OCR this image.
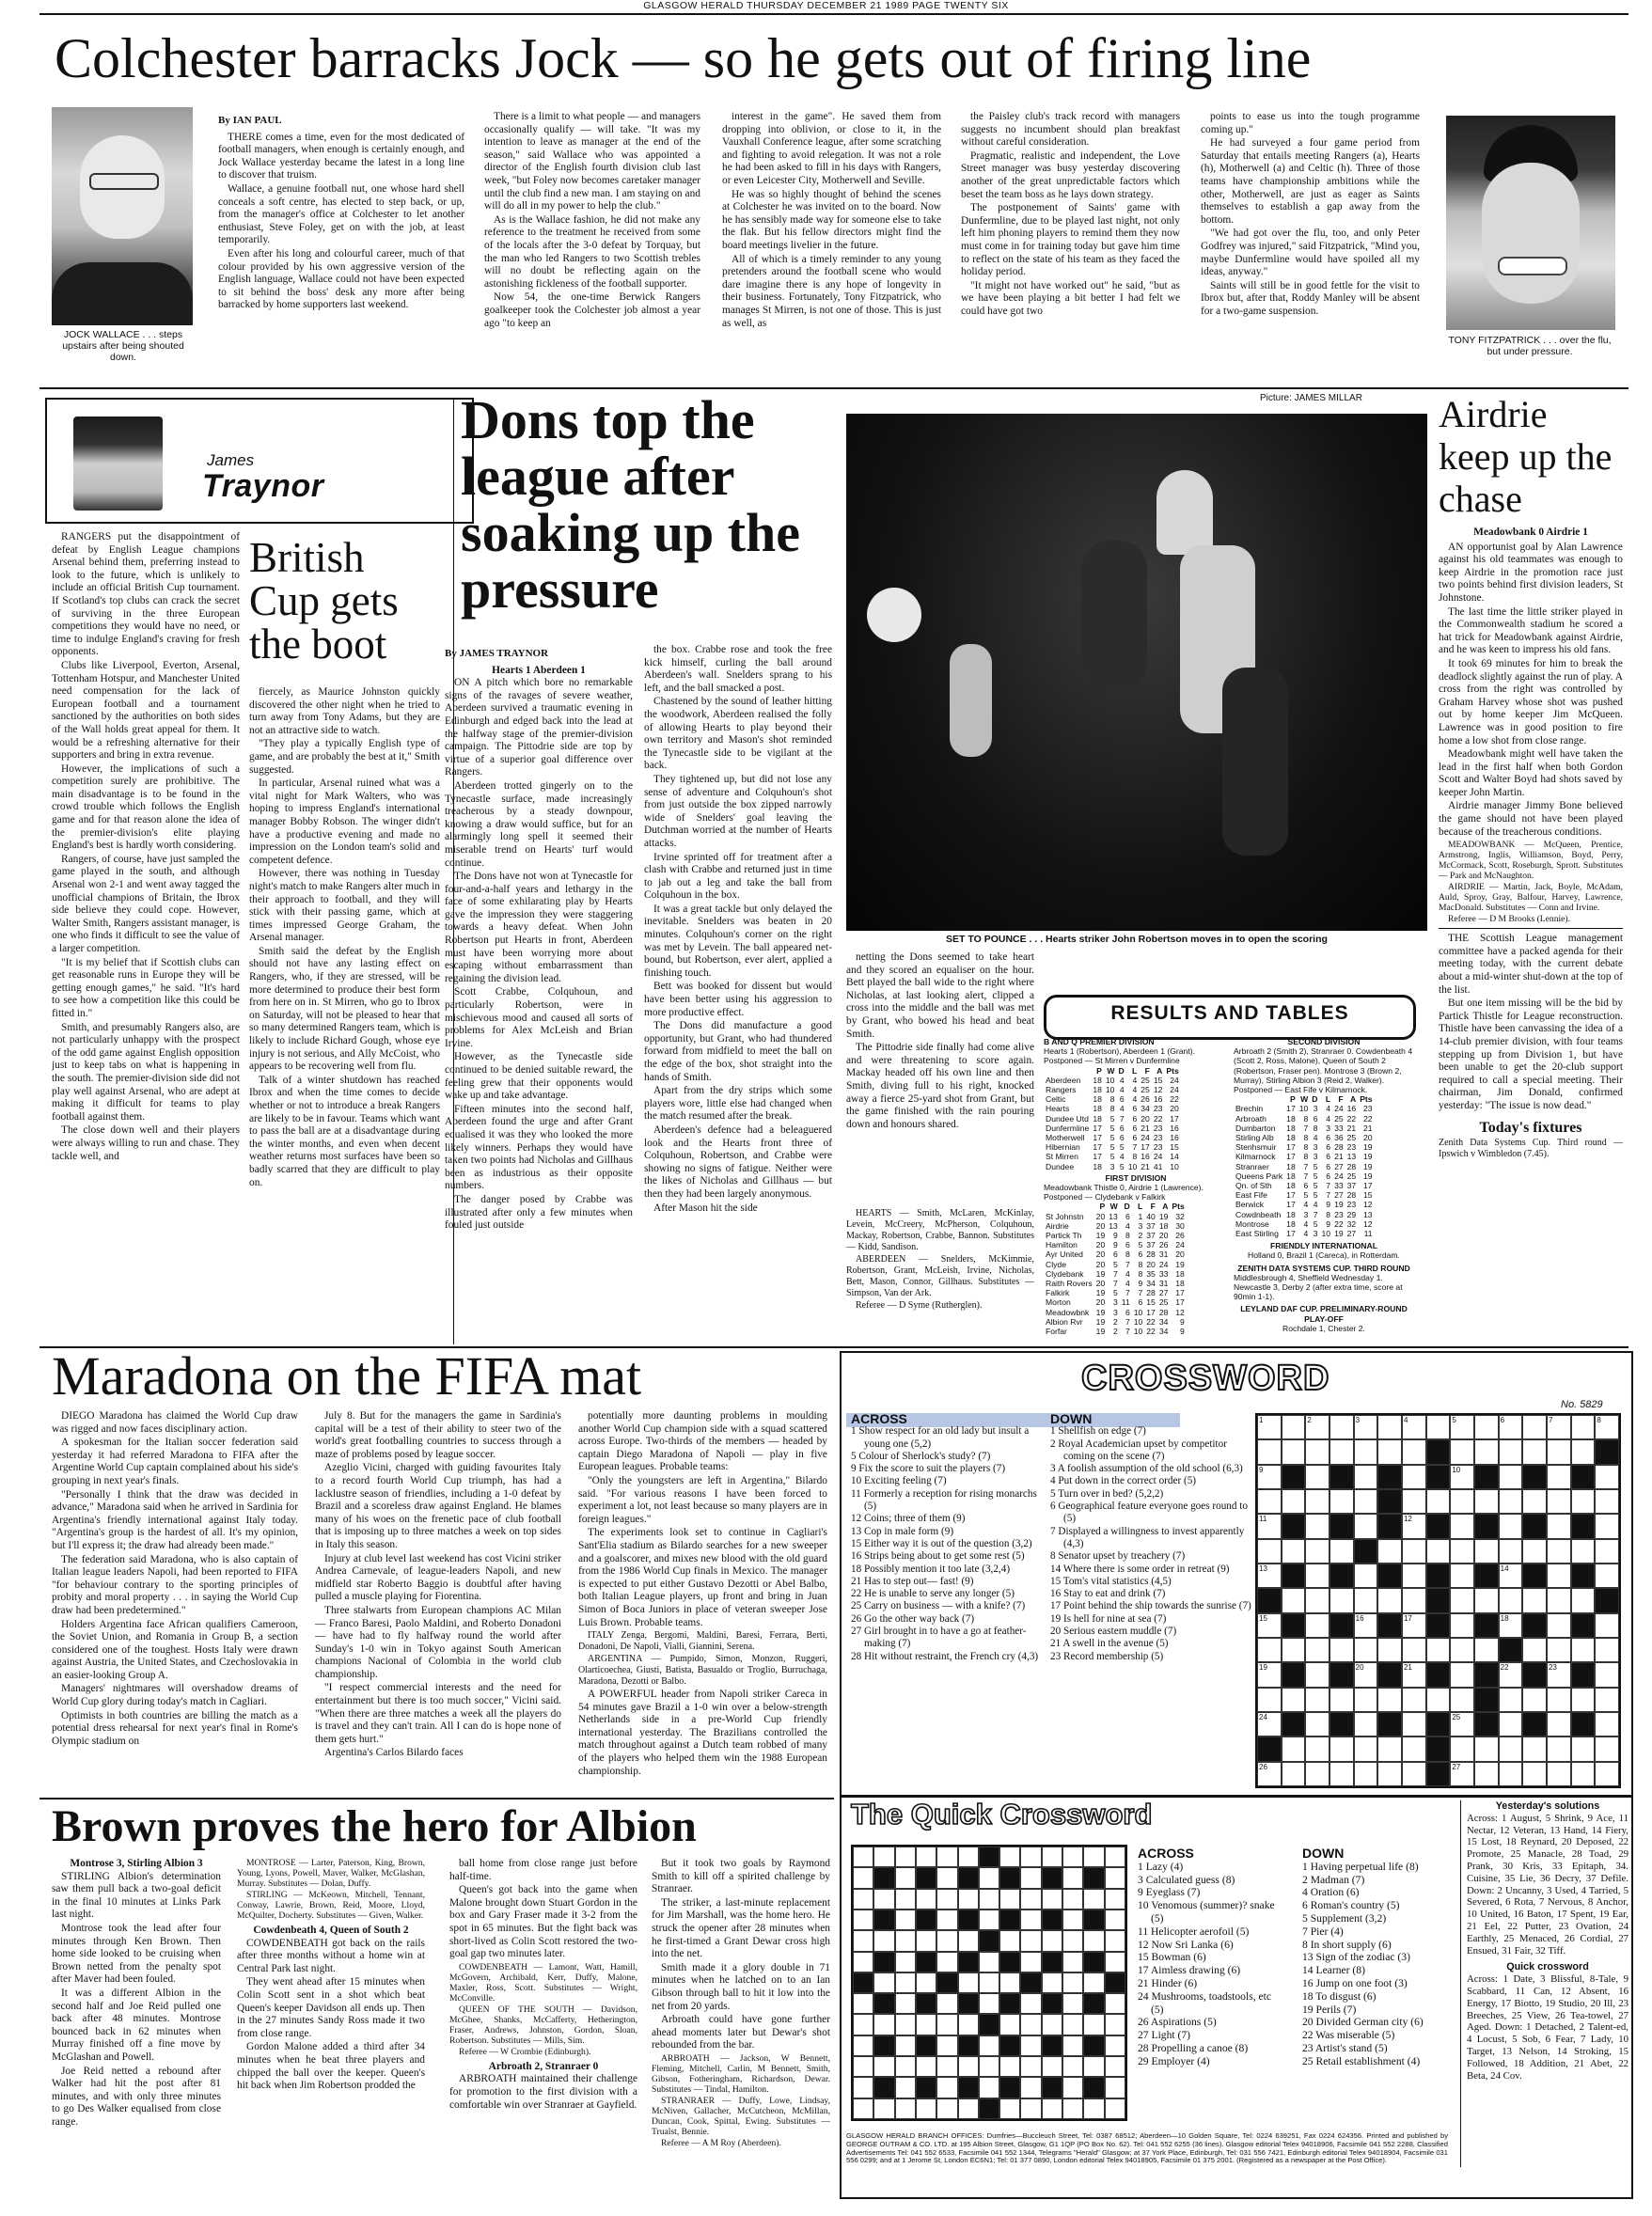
GLASGOW HERALD THURSDAY DECEMBER 21 1989 PAGE TWENTY SIX
Colchester barracks Jock — so he gets out of firing line
JOCK WALLACE . . . steps upstairs after being shouted down.
By IAN PAUL

THERE comes a time, even for the most dedicated of football managers, when enough is certainly enough, and Jock Wallace yesterday became the latest in a long line to discover that truism.

Wallace, a genuine football nut, one whose hard shell conceals a soft centre, has elected to step back, or up, from the manager's office at Colchester to let another enthusiast, Steve Foley, get on with the job, at least temporarily.

Even after his long and colourful career, much of that colour provided by his own aggressive version of the English language, Wallace could not have been expected to sit behind the boss' desk any more after being barracked by home supporters last weekend.

There is a limit to what people — and managers occasionally qualify — will take. "It was my intention to leave as manager at the end of the season," said Wallace who was appointed a director of the English fourth division club last week, "but Foley now becomes caretaker manager until the club find a new man. I am staying on and will do all in my power to help the club."

As is the Wallace fashion, he did not make any reference to the treatment he received from some of the locals after the 3-0 defeat by Torquay, but the man who led Rangers to two Scottish trebles will no doubt be reflecting again on the astonishing fickleness of the football supporter.

Now 54, the one-time Berwick Rangers goalkeeper took the Colchester job almost a year ago "to keep an

interest in the game". He saved them from dropping into oblivion, or close to it, in the Vauxhall Conference league, after some scratching and fighting to avoid relegation. It was not a role he had been asked to fill in his days with Rangers, or even Leicester City, Motherwell and Seville.

He was so highly thought of behind the scenes at Colchester he was invited on to the board. Now he has sensibly made way for someone else to take the flak. But his fellow directors might find the board meetings livelier in the future.

All of which is a timely reminder to any young pretenders around the football scene who would dare imagine there is any hope of longevity in their business. Fortunately, Tony Fitzpatrick, who manages St Mirren, is not one of those. This is just as well, as

the Paisley club's track record with managers suggests no incumbent should plan breakfast without careful consideration.

Pragmatic, realistic and independent, the Love Street manager was busy yesterday discovering another of the great unpredictable factors which beset the team boss as he lays down strategy.

The postponement of Saints' game with Dunfermline, due to be played last night, not only left him phoning players to remind them they now must come in for training today but gave him time to reflect on the state of his team as they faced the holiday period.

"It might not have worked out" he said, "but as we have been playing a bit better I had felt we could have got two

points to ease us into the tough programme coming up."

He had surveyed a four game period from Saturday that entails meeting Rangers (a), Hearts (h), Motherwell (a) and Celtic (h). Three of those teams have championship ambitions while the other, Motherwell, are just as eager as Saints themselves to establish a gap away from the bottom.

"We had got over the flu, too, and only Peter Godfrey was injured," said Fitzpatrick, "Mind you, maybe Dunfermline would have spoiled all my ideas, anyway."

Saints will still be in good fettle for the visit to Ibrox but, after that, Roddy Manley will be absent for a two-game suspension.

TONY FITZPATRICK . . . over the flu, but under pressure.
James
Traynor

RANGERS put the disappointment of defeat by English League champions Arsenal behind them, preferring instead to look to the future, which is unlikely to include an official British Cup tournament. If Scotland's top clubs can crack the secret of surviving in the three European competitions they would have no need, or time to indulge England's craving for fresh opponents.

Clubs like Liverpool, Everton, Arsenal, Tottenham Hotspur, and Manchester United need compensation for the lack of European football and a tournament sanctioned by the authorities on both sides of the Wall holds great appeal for them. It would be a refreshing alternative for their supporters and bring in extra revenue.

However, the implications of such a competition surely are prohibitive. The main disadvantage is to be found in the crowd trouble which follows the English game and for that reason alone the idea of the premier-division's elite playing England's best is hardly worth considering.

Rangers, of course, have just sampled the game played in the south, and although Arsenal won 2-1 and went away tagged the unofficial champions of Britain, the Ibrox side believe they could cope. However, Walter Smith, Rangers assistant manager, is one who finds it difficult to see the value of a larger competition.

"It is my belief that if Scottish clubs can get reasonable runs in Europe they will be getting enough games," he said. "It's hard to see how a competition like this could be fitted in."

Smith, and presumably Rangers also, are not particularly unhappy with the prospect of the odd game against English opposition just to keep tabs on what is happening in the south. The premier-division side did not play well against Arsenal, who are adept at making it difficult for teams to play football against them.

The close down well and their players were always willing to run and chase. They tackle well, and

British Cup gets the boot

fiercely, as Maurice Johnston quickly discovered the other night when he tried to turn away from Tony Adams, but they are not an attractive side to watch.

"They play a typically English type of game, and are probably the best at it," Smith suggested.

In particular, Arsenal ruined what was a vital night for Mark Walters, who was hoping to impress England's international manager Bobby Robson. The winger didn't have a productive evening and made no impression on the London team's solid and competent defence.

However, there was nothing in Tuesday night's match to make Rangers alter much in their approach to football, and they will stick with their passing game, which at times impressed George Graham, the Arsenal manager.

Smith said the defeat by the English should not have any lasting effect on Rangers, who, if they are stressed, will be more determined to produce their best form from here on in. St Mirren, who go to Ibrox on Saturday, will not be pleased to hear that so many determined Rangers team, which is likely to include Richard Gough, whose eye injury is not serious, and Ally McCoist, who appears to be recovering well from flu.

Talk of a winter shutdown has reached Ibrox and when the time comes to decide whether or not to introduce a break Rangers are likely to be in favour. Teams which want to pass the ball are at a disadvantage during the winter months, and even when decent weather returns most surfaces have been so badly scarred that they are difficult to play on.

Dons top the league after soaking up the pressure
By JAMES TRAYNOR
Hearts 1 Aberdeen 1

ON A pitch which bore no remarkable signs of the ravages of severe weather, Aberdeen survived a traumatic evening in Edinburgh and edged back into the lead at the halfway stage of the premier-division campaign. The Pittodrie side are top by virtue of a superior goal difference over Rangers.

Aberdeen trotted gingerly on to the Tynecastle surface, made increasingly treacherous by a steady downpour, knowing a draw would suffice, but for an alarmingly long spell it seemed their miserable trend on Hearts' turf would continue.

The Dons have not won at Tynecastle for four-and-a-half years and lethargy in the face of some exhilarating play by Hearts gave the impression they were staggering towards a heavy defeat. When John Robertson put Hearts in front, Aberdeen must have been worrying more about escaping without embarrassment than regaining the division lead.

Scott Crabbe, Colquhoun, and particularly Robertson, were in mischievous mood and caused all sorts of problems for Alex McLeish and Brian Irvine.

However, as the Tynecastle side continued to be denied suitable reward, the feeling grew that their opponents would wake up and take advantage.

Fifteen minutes into the second half, Aberdeen found the urge and after Grant equalised it was they who looked the more likely winners. Perhaps they would have taken two points had Nicholas and Gillhaus been as industrious as their opposite numbers.

The danger posed by Crabbe was illustrated after only a few minutes when fouled just outside

the box. Crabbe rose and took the free kick himself, curling the ball around Aberdeen's wall. Snelders sprang to his left, and the ball smacked a post.

Chastened by the sound of leather hitting the woodwork, Aberdeen realised the folly of allowing Hearts to play beyond their own territory and Mason's shot reminded the Tynecastle side to be vigilant at the back.

They tightened up, but did not lose any sense of adventure and Colquhoun's shot from just outside the box zipped narrowly wide of Snelders' goal leaving the Dutchman worried at the number of Hearts attacks.

Irvine sprinted off for treatment after a clash with Crabbe and returned just in time to jab out a leg and take the ball from Colquhoun in the box.

It was a great tackle but only delayed the inevitable. Snelders was beaten in 20 minutes. Colquhoun's corner on the right was met by Levein. The ball appeared net-bound, but Robertson, ever alert, applied a finishing touch.

Bett was booked for dissent but would have been better using his aggression to more productive effect.

The Dons did manufacture a good opportunity, but Grant, who had thundered forward from midfield to meet the ball on the edge of the box, shot straight into the hands of Smith.

Apart from the dry strips which some players wore, little else had changed when the match resumed after the break.

Aberdeen's defence had a beleaguered look and the Hearts front three of Colquhoun, Robertson, and Crabbe were showing no signs of fatigue. Neither were the likes of Nicholas and Gillhaus — but then they had been largely anonymous.

After Mason hit the side

Picture: JAMES MILLAR
SET TO POUNCE . . . Hearts striker John Robertson moves in to open the scoring

netting the Dons seemed to take heart and they scored an equaliser on the hour. Bett played the ball wide to the right where Nicholas, at last looking alert, clipped a cross into the middle and the ball was met by Grant, who bowed his head and beat Smith.

The Pittodrie side finally had come alive and were threatening to score again. Mackay headed off his own line and then Smith, diving full to his right, knocked away a fierce 25-yard shot from Grant, but the game finished with the rain pouring down and honours shared.

HEARTS — Smith, McLaren, McKinlay, Levein, McCreery, McPherson, Colquhoun, Mackay, Robertson, Crabbe, Bannon. Substitutes — Kidd, Sandison.

ABERDEEN — Snelders, McKimmie, Robertson, Grant, McLeish, Irvine, Nicholas, Bett, Mason, Connor, Gillhaus. Substitutes — Simpson, Van der Ark.

Referee — D Syme (Rutherglen).

RESULTS AND TABLES
B AND Q PREMIER DIVISION
Hearts 1 (Robertson), Aberdeen 1 (Grant). Postponed — St Mirren v Dunfermline
	P	W	D	L	F	A	Pts
Aberdeen	18	10	4	4	25	15	24
Rangers	18	10	4	4	25	12	24
Celtic	18	8	6	4	26	16	22
Hearts	18	8	4	6	34	23	20
Dundee Utd	18	5	7	6	20	22	17
Dunfermline	17	5	6	6	21	23	16
Motherwell	17	5	6	6	24	23	16
Hibernian	17	5	5	7	17	23	15
St Mirren	17	5	4	8	16	24	14
Dundee	18	3	5	10	21	41	10
FIRST DIVISION
Meadowbank Thistle 0, Airdrie 1 (Lawrence). Postponed — Clydebank v Falkirk
	P	W	D	L	F	A	Pts
St Johnstn	20	13	6	1	40	19	32
Airdrie	20	13	4	3	37	18	30
Partick Th	19	9	8	2	37	20	26
Hamilton	20	9	6	5	37	26	24
Ayr United	20	6	8	6	28	31	20
Clyde	20	5	7	8	20	24	19
Clydebank	19	7	4	8	35	33	18
Raith Rovers	20	7	4	9	34	31	18
Falkirk	19	5	7	7	28	27	17
Morton	20	3	11	6	15	25	17
Meadowbnk	19	3	6	10	17	28	12
Albion Rvr	19	2	7	10	22	34	9
Forfar	19	2	7	10	22	34	9
SECOND DIVISION
Arbroath 2 (Smith 2), Stranraer 0. Cowdenbeath 4 (Scott 2, Ross, Malone), Queen of South 2 (Robertson, Fraser pen). Montrose 3 (Brown 2, Murray), Stirling Albion 3 (Reid 2, Walker). Postponed — East Fife v Kilmarnock.
	P	W	D	L	F	A	Pts
Brechin	17	10	3	4	24	16	23
Arbroath	18	8	6	4	25	22	22
Dumbarton	18	7	8	3	33	21	21
Stirling Alb	18	8	4	6	36	25	20
Stenhsmuir	17	8	3	6	28	23	19
Kilmarnock	17	8	3	6	21	13	19
Stranraer	18	7	5	6	27	28	19
Queens Park	18	7	5	6	24	25	19
Qn. of Sth	18	6	5	7	33	37	17
East Fife	17	5	5	7	27	28	15
Berwick	17	4	4	9	19	23	12
Cowdnbeath	18	3	7	8	23	29	13
Montrose	18	4	5	9	22	32	12
East Stirling	17	4	3	10	19	27	11
FRIENDLY INTERNATIONAL
Holland 0, Brazil 1 (Careca), in Rotterdam.
ZENITH DATA SYSTEMS CUP. THIRD ROUND
Middlesbrough 4, Sheffield Wednesday 1. Newcastle 3, Derby 2 (after extra time, score at 90min 1-1).
LEYLAND DAF CUP. PRELIMINARY-ROUND PLAY-OFF
Rochdale 1, Chester 2.
Airdrie keep up the chase
Meadowbank 0 Airdrie 1

AN opportunist goal by Alan Lawrence against his old teammates was enough to keep Airdrie in the promotion race just two points behind first division leaders, St Johnstone.

The last time the little striker played in the Commonwealth stadium he scored a hat trick for Meadowbank against Airdrie, and he was keen to impress his old fans.

It took 69 minutes for him to break the deadlock slightly against the run of play. A cross from the right was controlled by Graham Harvey whose shot was pushed out by home keeper Jim McQueen. Lawrence was in good position to fire home a low shot from close range.

Meadowbank might well have taken the lead in the first half when both Gordon Scott and Walter Boyd had shots saved by keeper John Martin.

Airdrie manager Jimmy Bone believed the game should not have been played because of the treacherous conditions.

MEADOWBANK — McQueen, Prentice, Armstrong, Inglis, Williamson, Boyd, Perry, McCormack, Scott, Roseburgh, Sprott. Substitutes — Park and McNaughton.

AIRDRIE — Martin, Jack, Boyle, McAdam, Auld, Sproy, Gray, Balfour, Harvey, Lawrence, MacDonald. Substitutes — Conn and Irvine.

Referee — D M Brooks (Lennie).

THE Scottish League management committee have a packed agenda for their meeting today, with the current debate about a mid-winter shut-down at the top of the list.

But one item missing will be the bid by Partick Thistle for League reconstruction. Thistle have been canvassing the idea of a 14-club premier division, with four teams stepping up from Division 1, but have been unable to get the 20-club support required to call a special meeting. Their chairman, Jim Donald, confirmed yesterday: "The issue is now dead."

Today's fixtures
Zenith Data Systems Cup. Third round — Ipswich v Wimbledon (7.45).
Maradona on the FIFA mat

DIEGO Maradona has claimed the World Cup draw was rigged and now faces disciplinary action.

A spokesman for the Italian soccer federation said yesterday it had referred Maradona to FIFA after the Argentine World Cup captain complained about his side's grouping in next year's finals.

"Personally I think that the draw was decided in advance," Maradona said when he arrived in Sardinia for Argentina's friendly international against Italy today. "Argentina's group is the hardest of all. It's my opinion, but I'll express it; the draw had already been made."

The federation said Maradona, who is also captain of Italian league leaders Napoli, had been reported to FIFA "for behaviour contrary to the sporting principles of probity and moral property . . . in saying the World Cup draw had been predetermined."

Holders Argentina face African qualifiers Cameroon, the Soviet Union, and Romania in Group B, a section considered one of the toughest. Hosts Italy were drawn against Austria, the United States, and Czechoslovakia in an easier-looking Group A.

Managers' nightmares will overshadow dreams of World Cup glory during today's match in Cagliari.

Optimists in both countries are billing the match as a potential dress rehearsal for next year's final in Rome's Olympic stadium on

July 8. But for the managers the game in Sardinia's capital will be a test of their ability to steer two of the world's great footballing countries to success through a maze of problems posed by league soccer.

Azeglio Vicini, charged with guiding favourites Italy to a record fourth World Cup triumph, has had a lacklustre season of friendlies, including a 1-0 defeat by Brazil and a scoreless draw against England. He blames many of his woes on the frenetic pace of club football that is imposing up to three matches a week on top sides in Italy this season.

Injury at club level last weekend has cost Vicini striker Andrea Carnevale, of league-leaders Napoli, and new midfield star Roberto Baggio is doubtful after having pulled a muscle playing for Fiorentina.

Three stalwarts from European champions AC Milan — Franco Baresi, Paolo Maldini, and Roberto Donadoni — have had to fly halfway round the world after Sunday's 1-0 win in Tokyo against South American champions Nacional of Colombia in the world club championship.

"I respect commercial interests and the need for entertainment but there is too much soccer," Vicini said. "When there are three matches a week all the players do is travel and they can't train. All I can do is hope none of them gets hurt."

Argentina's Carlos Bilardo faces

potentially more daunting problems in moulding another World Cup champion side with a squad scattered across Europe. Two-thirds of the members — headed by captain Diego Maradona of Napoli — play in five European leagues. Probable teams:

"Only the youngsters are left in Argentina," Bilardo said. "For various reasons I have been forced to experiment a lot, not least because so many players are in foreign leagues."

The experiments look set to continue in Cagliari's Sant'Elia stadium as Bilardo searches for a new sweeper and a goalscorer, and mixes new blood with the old guard from the 1986 World Cup finals in Mexico. The manager is expected to put either Gustavo Dezotti or Abel Balbo, both Italian League players, up front and bring in Juan Simon of Boca Juniors in place of veteran sweeper Jose Luis Brown. Probable teams.

ITALY Zenga, Bergomi, Maldini, Baresi, Ferrara, Berti, Donadoni, De Napoli, Vialli, Giannini, Serena.

ARGENTINA — Pumpido, Simon, Monzon, Ruggeri, Olarticoechea, Giusti, Batista, Basualdo or Troglio, Burruchaga, Maradona, Dezotti or Balbo.

A POWERFUL header from Napoli striker Careca in 54 minutes gave Brazil a 1-0 win over a below-strength Netherlands side in a pre-World Cup friendly international yesterday. The Brazilians controlled the match throughout against a Dutch team robbed of many of the players who helped them win the 1988 European championship.

Brown proves the hero for Albion
Montrose 3, Stirling Albion 3

STIRLING Albion's determination saw them pull back a two-goal deficit in the final 10 minutes at Links Park last night.

Montrose took the lead after four minutes through Ken Brown. Then home side looked to be cruising when Brown netted from the penalty spot after Maver had been fouled.

It was a different Albion in the second half and Joe Reid pulled one back after 48 minutes. Montrose bounced back in 62 minutes when Murray finished off a fine move by McGlashan and Powell.

Joe Reid netted a rebound after Walker had hit the post after 81 minutes, and with only three minutes to go Des Walker equalised from close range.

MONTROSE — Larter, Paterson, King, Brown, Young, Lyons, Powell, Maver, Walker, McGlashan, Murray. Substitutes — Dolan, Duffy.

STIRLING — McKeown, Mitchell, Tennant, Conway, Lawrie, Brown, Reid, Moore, Lloyd, McQuilter, Docherty. Substitutes — Given, Walker.

Cowdenbeath 4, Queen of South 2

COWDENBEATH got back on the rails after three months without a home win at Central Park last night.

They went ahead after 15 minutes when Colin Scott sent in a shot which beat Queen's keeper Davidson all ends up. Then in the 27 minutes Sandy Ross made it two from close range.

Gordon Malone added a third after 34 minutes when he beat three players and chipped the ball over the keeper. Queen's hit back when Jim Robertson prodded the

ball home from close range just before half-time.

Queen's got back into the game when Malone brought down Stuart Gordon in the box and Gary Fraser made it 3-2 from the spot in 65 minutes. But the fight back was short-lived as Colin Scott restored the two-goal gap two minutes later.

COWDENBEATH — Lamont, Watt, Hamill, McGovern, Archibald, Kerr, Duffy, Malone, Maxler, Ross, Scott. Substitutes — Wright, McConville.

QUEEN OF THE SOUTH — Davidson, McGhee, Shanks, McCafferty, Hetherington, Fraser, Andrews, Johnston, Gordon, Sloan, Robertson. Substitutes — Mills, Sim.

Referee — W Crombie (Edinburgh).

Arbroath 2, Stranraer 0

ARBROATH maintained their challenge for promotion to the first division with a comfortable win over Stranraer at Gayfield.

But it took two goals by Raymond Smith to kill off a spirited challenge by Stranraer.

The striker, a last-minute replacement for Jim Marshall, was the home hero. He struck the opener after 28 minutes when he first-timed a Grant Dewar cross high into the net.

Smith made it a glory double in 71 minutes when he latched on to an Ian Gibson through ball to hit it low into the net from 20 yards.

Arbroath could have gone further ahead moments later but Dewar's shot rebounded from the bar.

ARBROATH — Jackson, W Bennett, Fleming, Mitchell, Carlin, M Bennett, Smith, Gibson, Fotheringham, Richardson, Dewar. Substitutes — Tindal, Hamilton.

STRANRAER — Duffy, Lowe, Lindsay, McNiven, Gallacher, McCutcheon, McMillan, Duncan, Cook, Spittal, Ewing. Substitutes — Trualst, Bennie.

Referee — A M Roy (Aberdeen).

CROSSWORD
No. 5829
ACROSS
1 Show respect for an old lady but insult a young one (5,2)
5 Colour of Sherlock's study? (7)
9 Fix the score to suit the players (7)
10 Exciting feeling (7)
11 Formerly a reception for rising monarchs (5)
12 Coins; three of them (9)
13 Cop in male form (9)
15 Either way it is out of the question (3,2)
16 Strips being about to get some rest (5)
18 Possibly mention it too late (3,2,4)
21 Has to step out— fast! (9)
22 He is unable to serve any longer (5)
25 Carry on business — with a knife? (7)
26 Go the other way back (7)
27 Girl brought in to have a go at feather-making (7)
28 Hit without restraint, the French cry (4,3)
DOWN
1 Shellfish on edge (7)
2 Royal Academician upset by competitor coming on the scene (7)
3 A foolish assumption of the old school (6,3)
4 Put down in the correct order (5)
5 Turn over in bed? (5,2,2)
6 Geographical feature everyone goes round to (5)
7 Displayed a willingness to invest apparently (4,3)
8 Senator upset by treachery (7)
14 Where there is some order in retreat (9)
15 Tom's vital statistics (4,5)
16 Stay to eat and drink (7)
17 Point behind the ship towards the sunrise (7)
19 Is hell for nine at sea (7)
20 Serious eastern muddle (7)
21 A swell in the avenue (5)
23 Record membership (5)
1	2	3	4	5	6	7	8
9	10
11	12
13	14
15	16	17	18
19	20	21	22	23
24	25
26	27
The Quick Crossword
ACROSS
1 Lazy (4)
3 Calculated guess (8)
9 Eyeglass (7)
10 Venomous (summer)? snake (5)
11 Helicopter aerofoil (5)
12 Now Sri Lanka (6)
15 Bowman (6)
17 Aimless drawing (6)
21 Hinder (6)
24 Mushrooms, toadstools, etc (5)
26 Aspirations (5)
27 Light (7)
28 Propelling a canoe (8)
29 Employer (4)
DOWN
1 Having perpetual life (8)
2 Madman (7)
4 Oration (6)
6 Roman's country (5)
5 Supplement (3,2)
7 Pier (4)
8 In short supply (6)
13 Sign of the zodiac (3)
14 Learner (8)
16 Jump on one foot (3)
18 To disgust (6)
19 Perils (7)
20 Divided German city (6)
22 Was miserable (5)
23 Artist's stand (5)
25 Retail establishment (4)
Yesterday's solutions
Across: 1 August, 5 Shrink, 9 Ace, 11 Nectar, 12 Veteran, 13 Hand, 14 Fiery, 15 Lost, 18 Reynard, 20 Deposed, 22 Promote, 25 Manacle, 28 Toad, 29 Prank, 30 Kris, 33 Epitaph, 34. Cuisine, 35 Lie, 36 Decry, 37 Defile. Down: 2 Uncanny, 3 Used, 4 Tarried, 5 Severed, 6 Rota, 7 Nervous, 8 Anchor, 10 United, 16 Baton, 17 Spent, 19 Ear, 21 Eel, 22 Putter, 23 Ovation, 24 Earthly, 25 Menaced, 26 Cordial, 27 Ensued, 31 Fair, 32 Tiff.
Quick crossword
Across: 1 Date, 3 Blissful, 8-Tale, 9 Scabbard, 11 Can, 12 Absent, 16 Energy, 17 Biotto, 19 Studio, 20 Ill, 23 Breeches, 25 View, 26 Tea-towel, 27 Aged. Down: 1 Detached, 2 Talent-ed, 4 Locust, 5 Sob, 6 Fear, 7 Lady, 10 Target, 13 Nelson, 14 Stroking, 15 Followed, 18 Addition, 21 Abet, 22 Beta, 24 Cov.
GLASGOW HERALD BRANCH OFFICES: Dumfries—Buccleuch Street, Tel: 0387 68512; Aberdeen—10 Golden Square, Tel: 0224 639251, Fax 0224 624356. Printed and published by GEORGE OUTRAM & CO. LTD. at 195 Albion Street, Glasgow, G1 1QP (PO Box No. 62). Tel: 041 552 6255 (36 lines). Glasgow editorial Telex 94018906, Facsimile 041 552 2288, Classified Advertisements Tel: 041 552 6533, Facsimile 041 552 1344, Telegrams "Herald" Glasgow; at 37 York Place, Edinburgh, Tel: 031 556 7421, Edinburgh editorial Telex 94018904, Facsimile 031 556 0299; and at 1 Jerome St, London EC6N1; Tel: 01 377 0890, London editorial Telex 94018905, Facsimile 01 375 2001. (Registered as a newspaper at the Post Office).
